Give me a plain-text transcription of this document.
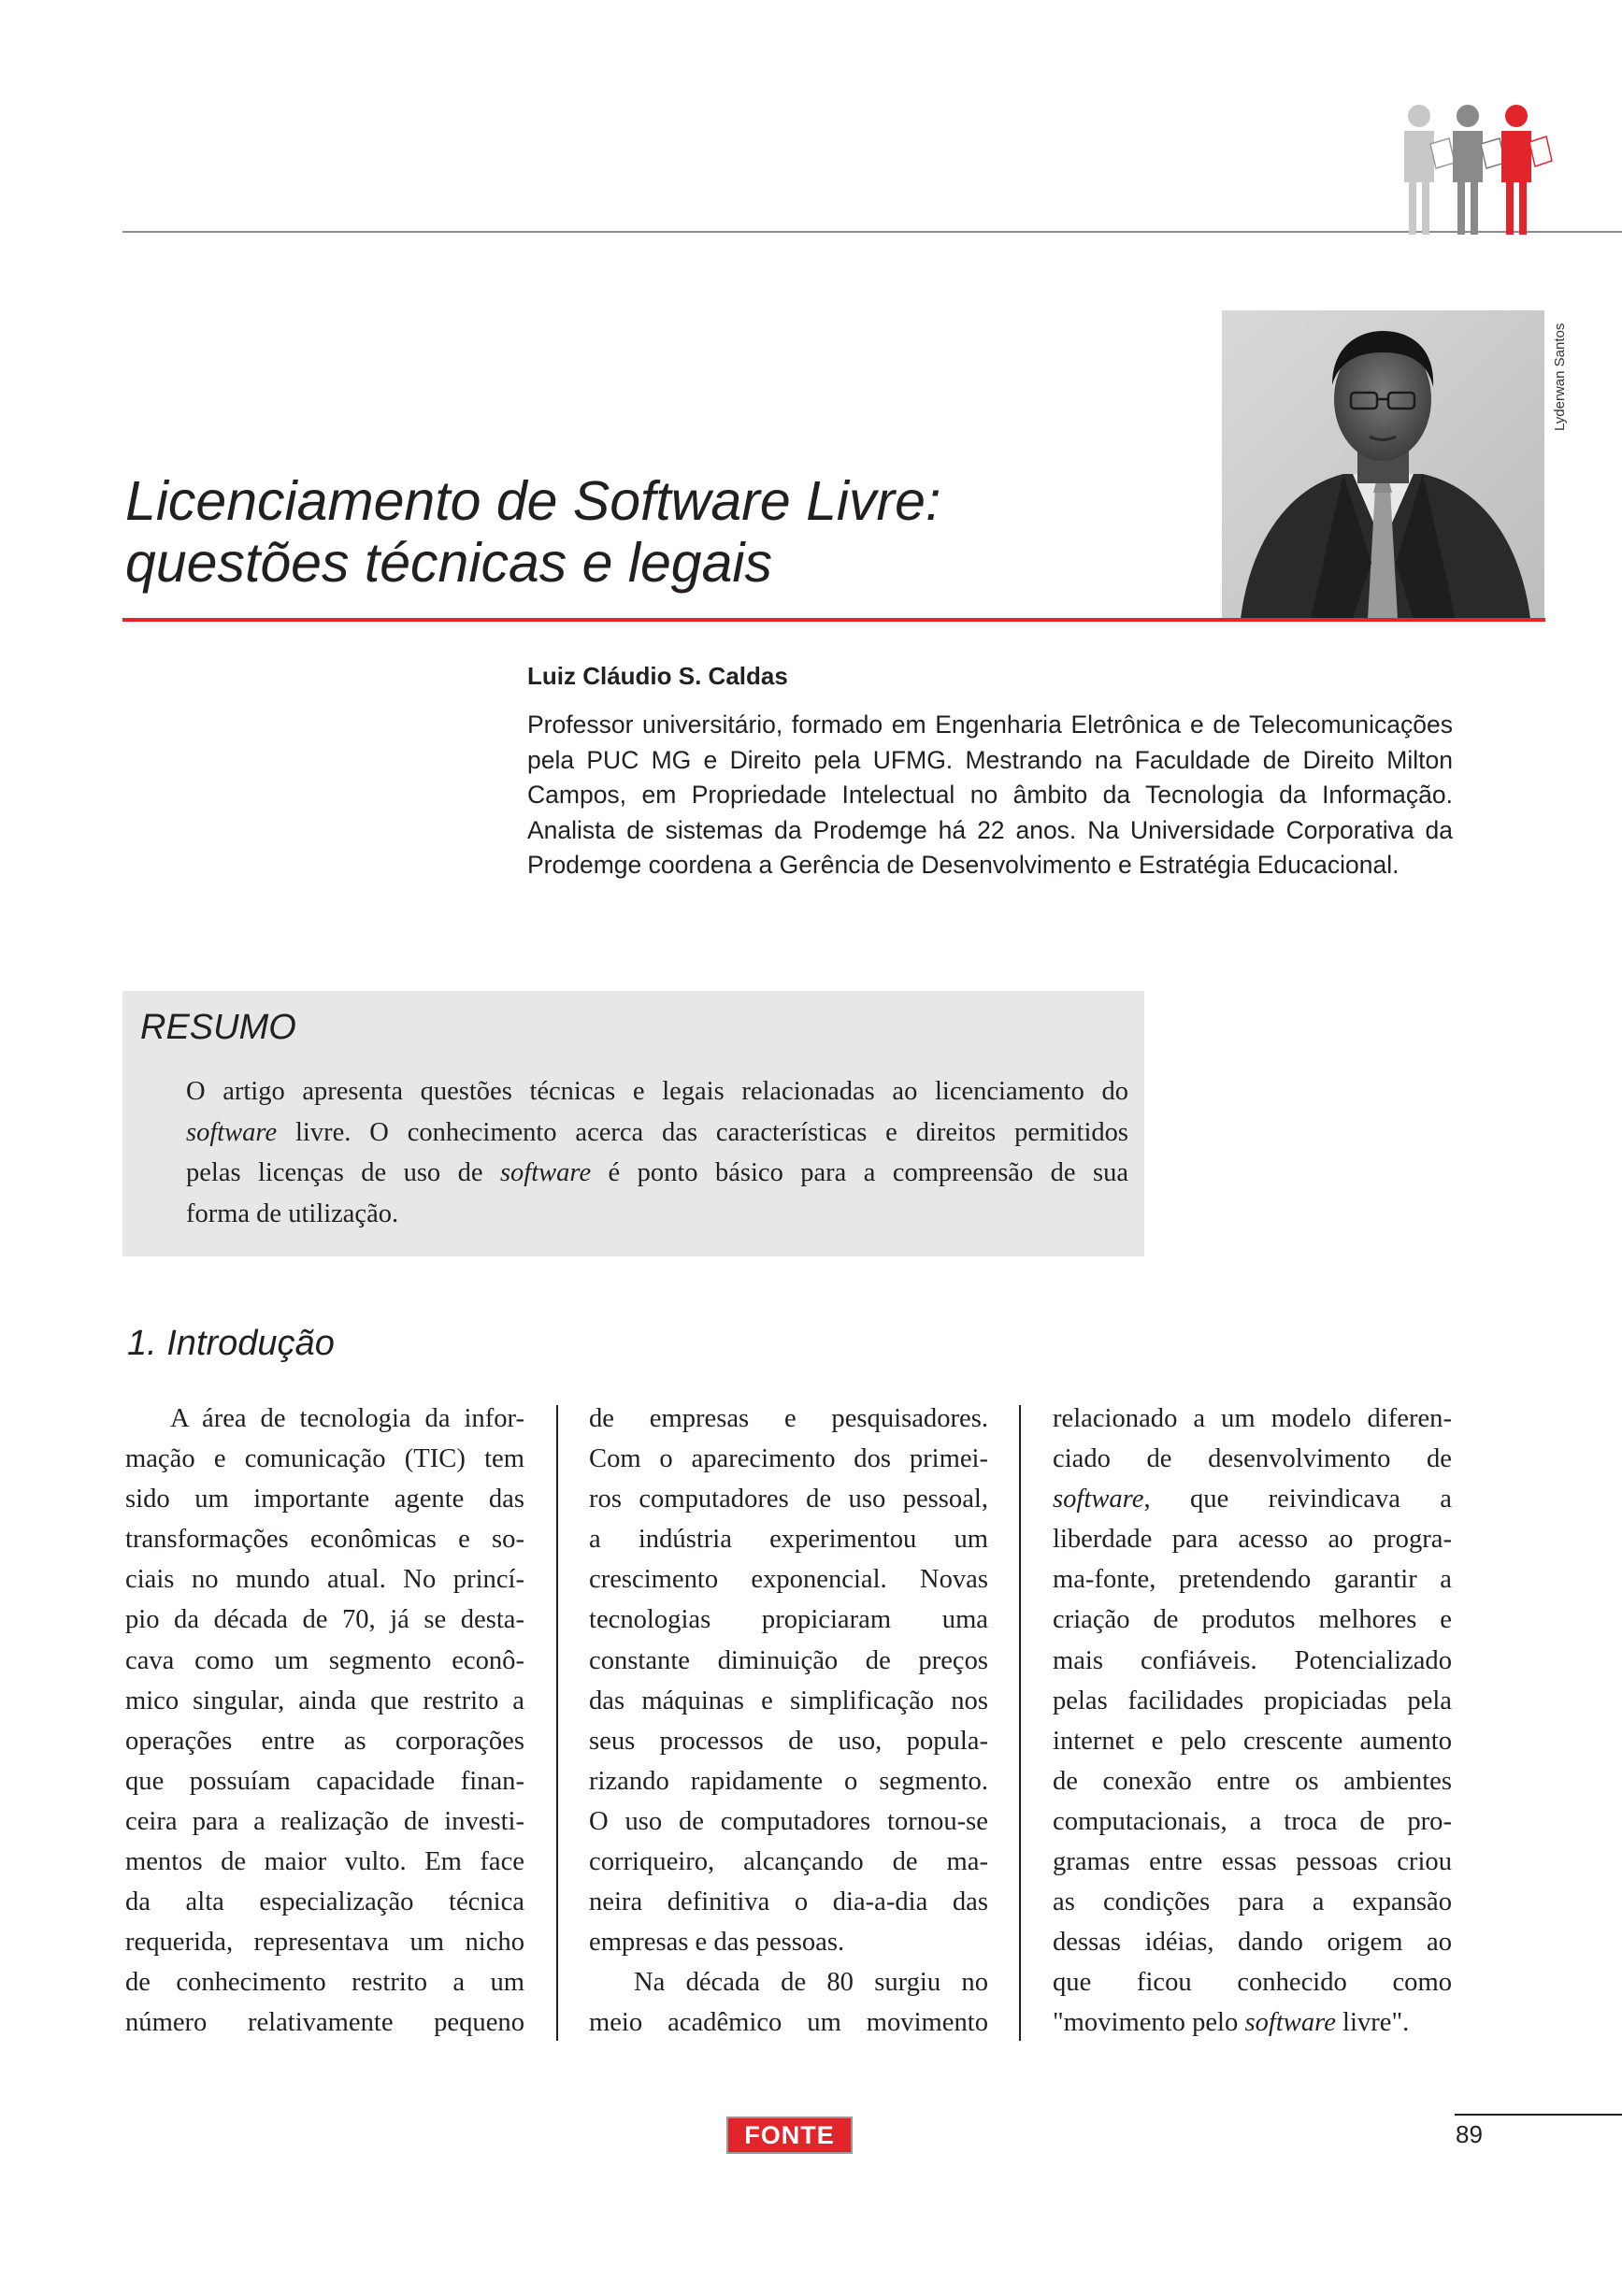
Lyderwan Santos
Licenciamento de Software Livre:
questões técnicas e legais
Luiz Cláudio S. Caldas

Professor universitário, formado em Engenharia Eletrônica e de Telecomunicações pela PUC MG e Direito pela UFMG. Mestrando na Faculdade de Direito Milton Campos, em Propriedade Intelectual no âmbito da Tecnologia da Informação. Analista de sistemas da Prodemge há 22 anos. Na Universidade Corporativa da Prodemge coordena a Gerência de Desenvolvimento e Estratégia Educacional.

RESUMO
O artigo apresenta questões técnicas e legais relacionadas ao licenciamento do
software livre. O conhecimento acerca das características e direitos permitidos
pelas licenças de uso de software é ponto básico para a compreensão de sua
forma de utilização.
1. Introdução
A área de tecnologia da infor-
mação e comunicação (TIC) tem
sido um importante agente das
transformações econômicas e so-
ciais no mundo atual. No princí-
pio da década de 70, já se desta-
cava como um segmento econô-
mico singular, ainda que restrito a
operações entre as corporações
que possuíam capacidade finan-
ceira para a realização de investi-
mentos de maior vulto. Em face
da alta especialização técnica
requerida, representava um nicho
de conhecimento restrito a um
número relativamente pequeno
de empresas e pesquisadores.
Com o aparecimento dos primei-
ros computadores de uso pessoal,
a indústria experimentou um
crescimento exponencial. Novas
tecnologias propiciaram uma
constante diminuição de preços
das máquinas e simplificação nos
seus processos de uso, popula-
rizando rapidamente o segmento.
O uso de computadores tornou-se
corriqueiro, alcançando de ma-
neira definitiva o dia-a-dia das
empresas e das pessoas.
Na década de 80 surgiu no
meio acadêmico um movimento
relacionado a um modelo diferen-
ciado de desenvolvimento de
software, que reivindicava a
liberdade para acesso ao progra-
ma-fonte, pretendendo garantir a
criação de produtos melhores e
mais confiáveis. Potencializado
pelas facilidades propiciadas pela
internet e pelo crescente aumento
de conexão entre os ambientes
computacionais, a troca de pro-
gramas entre essas pessoas criou
as condições para a expansão
dessas idéias, dando origem ao
que ficou conhecido como
"movimento pelo software livre".
FONTE	89
